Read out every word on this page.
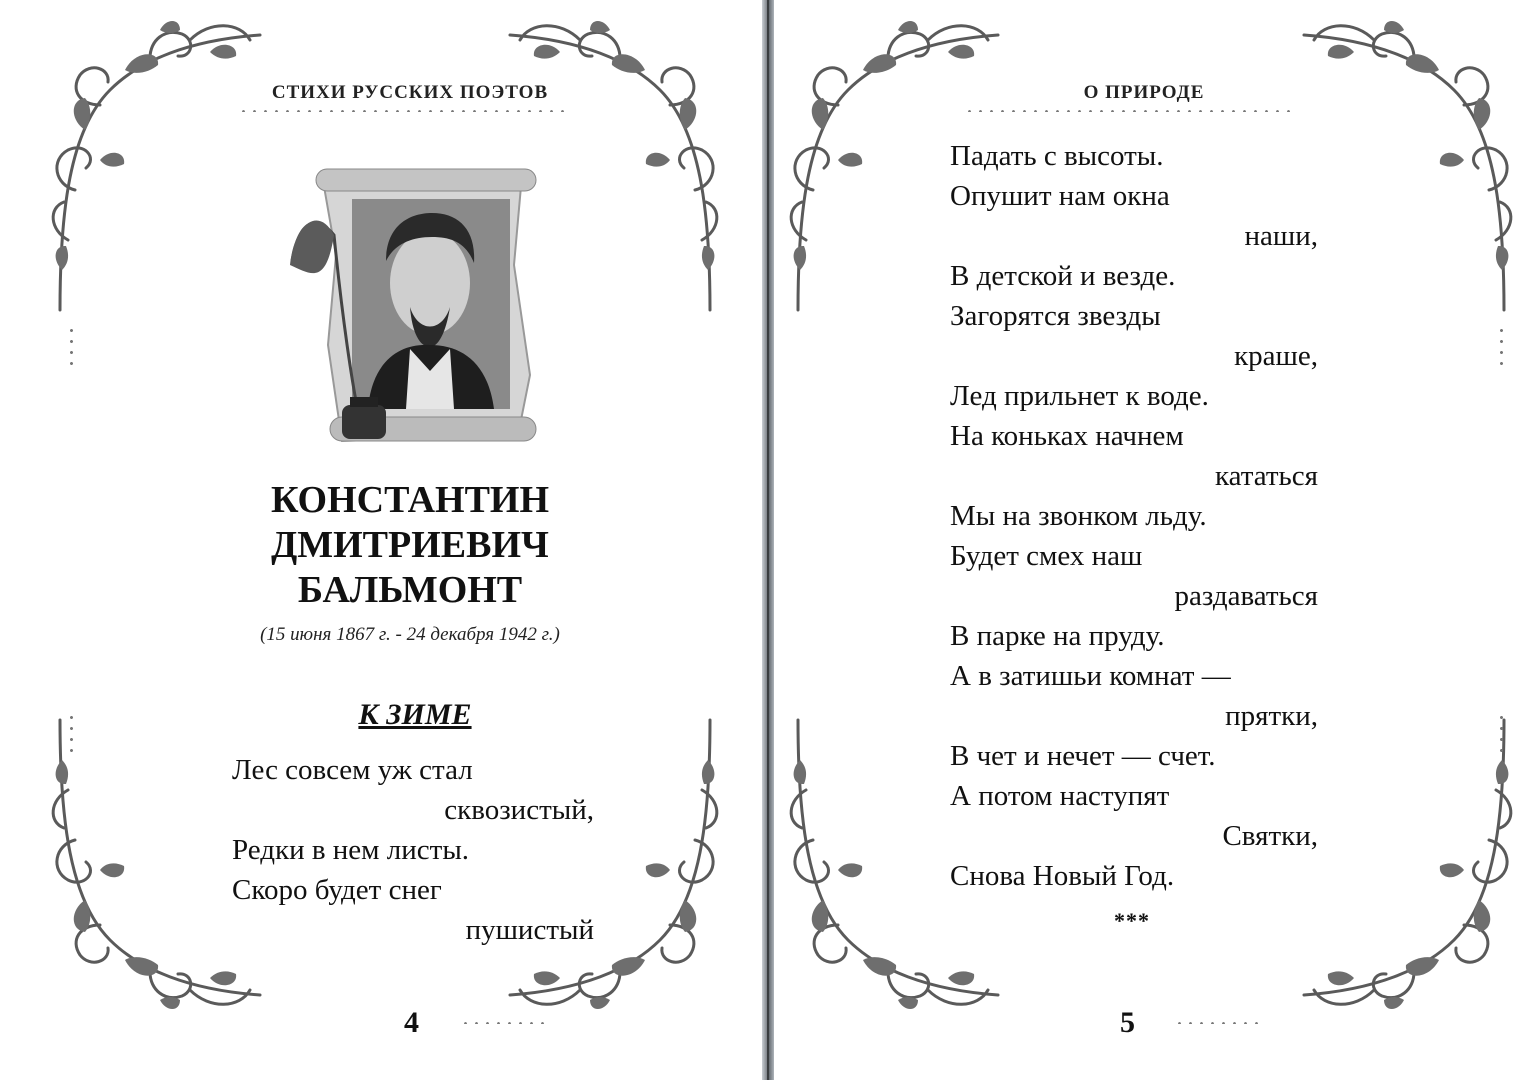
СТИХИ РУССКИХ ПОЭТОВ
КОНСТАНТИН
ДМИТРИЕВИЧ
БАЛЬМОНТ
(15 июня 1867 г. - 24 декабря 1942 г.)
К ЗИМЕ
Лес совсем уж стал
сквозистый,
Редки в нем листы.
Скоро будет снег
пушистый
4
О ПРИРОДЕ
Падать с высоты.
Опушит нам окна
наши,
В детской и везде.
Загорятся звезды
краше,
Лед прильнет к воде.
На коньках начнем
кататься
Мы на звонком льду.
Будет смех наш
раздаваться
В парке на пруду.
А в затишьи комнат —
прятки,
В чет и нечет — счет.
А потом наступят
Святки,
Снова Новый Год.
***
5
